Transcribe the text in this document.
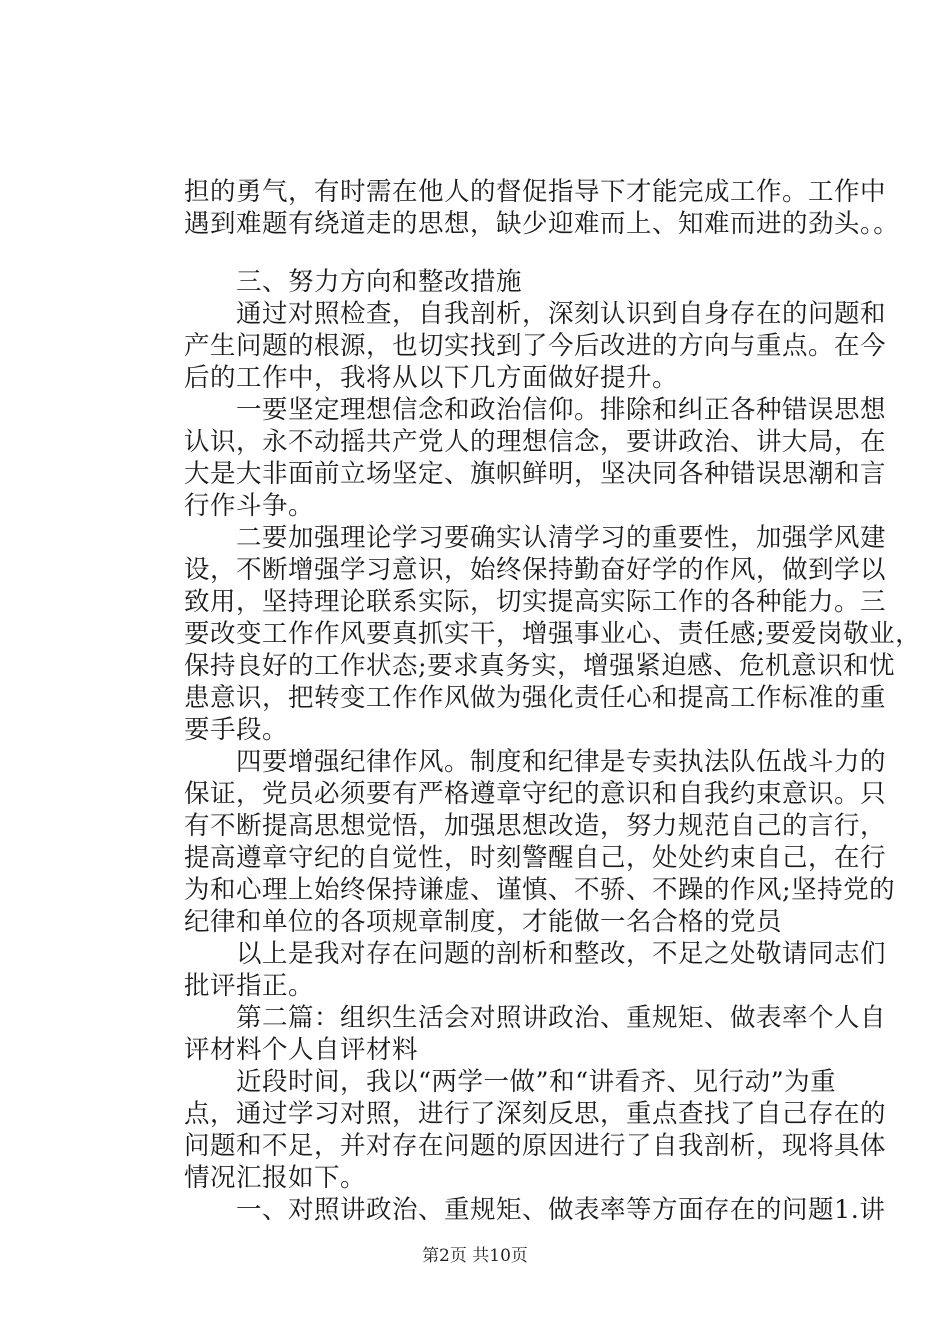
担的勇气，有时需在他人的督促指导下才能完成工作。工作中
遇到难题有绕道走的思想，缺少迎难而上、知难而进的劲头。。
　　三、努力方向和整改措施
　　通过对照检查，自我剖析，深刻认识到自身存在的问题和
产生问题的根源，也切实找到了今后改进的方向与重点。在今
后的工作中，我将从以下几方面做好提升。
　　一要坚定理想信念和政治信仰。排除和纠正各种错误思想
认识，永不动摇共产党人的理想信念，要讲政治、讲大局，在
大是大非面前立场坚定、旗帜鲜明，坚决同各种错误思潮和言
行作斗争。
　　二要加强理论学习要确实认清学习的重要性，加强学风建
设，不断增强学习意识，始终保持勤奋好学的作风，做到学以
致用，坚持理论联系实际，切实提高实际工作的各种能力。三
要改变工作作风要真抓实干，增强事业心、责任感;要爱岗敬业，
保持良好的工作状态;要求真务实，增强紧迫感、危机意识和忧
患意识，把转变工作作风做为强化责任心和提高工作标准的重
要手段。
　　四要增强纪律作风。制度和纪律是专卖执法队伍战斗力的
保证，党员必须要有严格遵章守纪的意识和自我约束意识。只
有不断提高思想觉悟，加强思想改造，努力规范自己的言行，
提高遵章守纪的自觉性，时刻警醒自己，处处约束自己，在行
为和心理上始终保持谦虚、谨慎、不骄、不躁的作风;坚持党的
纪律和单位的各项规章制度，才能做一名合格的党员
　　以上是我对存在问题的剖析和整改，不足之处敬请同志们
批评指正。
　　第二篇：组织生活会对照讲政治、重规矩、做表率个人自
评材料个人自评材料
　　近段时间，我以“两学一做”和“讲看齐、见行动”为重
点，通过学习对照，进行了深刻反思，重点查找了自己存在的
问题和不足，并对存在问题的原因进行了自我剖析，现将具体
情况汇报如下。
　　一、对照讲政治、重规矩、做表率等方面存在的问题1.讲
第2页 共10页
